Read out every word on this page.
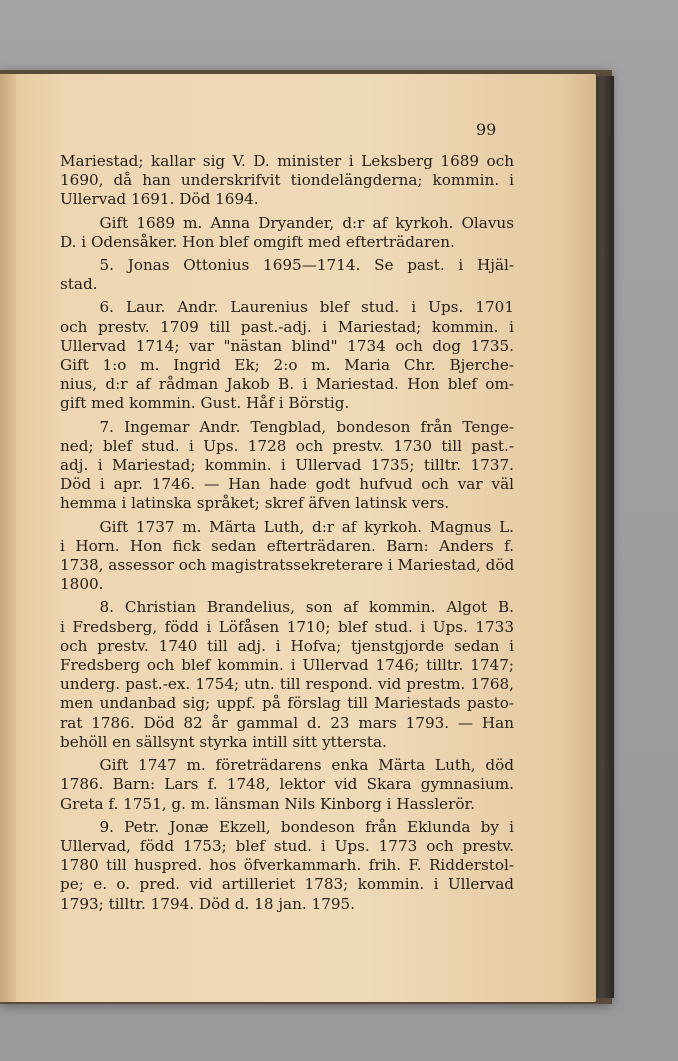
99
Mariestad; kallar sig V. D. minister i Leksberg 1689 och
1690, då han underskrifvit tiondelängderna; kommin. i
Ullervad 1691. Död 1694.
Gift 1689 m. Anna Dryander, d:r af kyrkoh. Olavus
D. i Odensåker. Hon blef omgift med efterträdaren.
5. Jonas Ottonius 1695—1714. Se past. i Hjäl-
stad.
6. Laur. Andr. Laurenius blef stud. i Ups. 1701
och prestv. 1709 till past.-adj. i Mariestad; kommin. i
Ullervad 1714; var "nästan blind" 1734 och dog 1735.
Gift 1:o m. Ingrid Ek; 2:o m. Maria Chr. Bjerche-
nius, d:r af rådman Jakob B. i Mariestad. Hon blef om-
gift med kommin. Gust. Håf i Börstig.
7. Ingemar Andr. Tengblad, bondeson från Tenge-
ned; blef stud. i Ups. 1728 och prestv. 1730 till past.-
adj. i Mariestad; kommin. i Ullervad 1735; tilltr. 1737.
Död i apr. 1746. — Han hade godt hufvud och var väl
hemma i latinska språket; skref äfven latinsk vers.
Gift 1737 m. Märta Luth, d:r af kyrkoh. Magnus L.
i Horn. Hon fick sedan efterträdaren. Barn: Anders f.
1738, assessor och magistratssekreterare i Mariestad, död
1800.
8. Christian Brandelius, son af kommin. Algot B.
i Fredsberg, född i Löfåsen 1710; blef stud. i Ups. 1733
och prestv. 1740 till adj. i Hofva; tjenstgjorde sedan i
Fredsberg och blef kommin. i Ullervad 1746; tilltr. 1747;
underg. past.-ex. 1754; utn. till respond. vid prestm. 1768,
men undanbad sig; uppf. på förslag till Mariestads pasto-
rat 1786. Död 82 år gammal d. 23 mars 1793. — Han
behöll en sällsynt styrka intill sitt yttersta.
Gift 1747 m. företrädarens enka Märta Luth, död
1786. Barn: Lars f. 1748, lektor vid Skara gymnasium.
Greta f. 1751, g. m. länsman Nils Kinborg i Hasslerör.
9. Petr. Jonæ Ekzell, bondeson från Eklunda by i
Ullervad, född 1753; blef stud. i Ups. 1773 och prestv.
1780 till huspred. hos öfverkammarh. frih. F. Ridderstol-
pe; e. o. pred. vid artilleriet 1783; kommin. i Ullervad
1793; tilltr. 1794. Död d. 18 jan. 1795.
